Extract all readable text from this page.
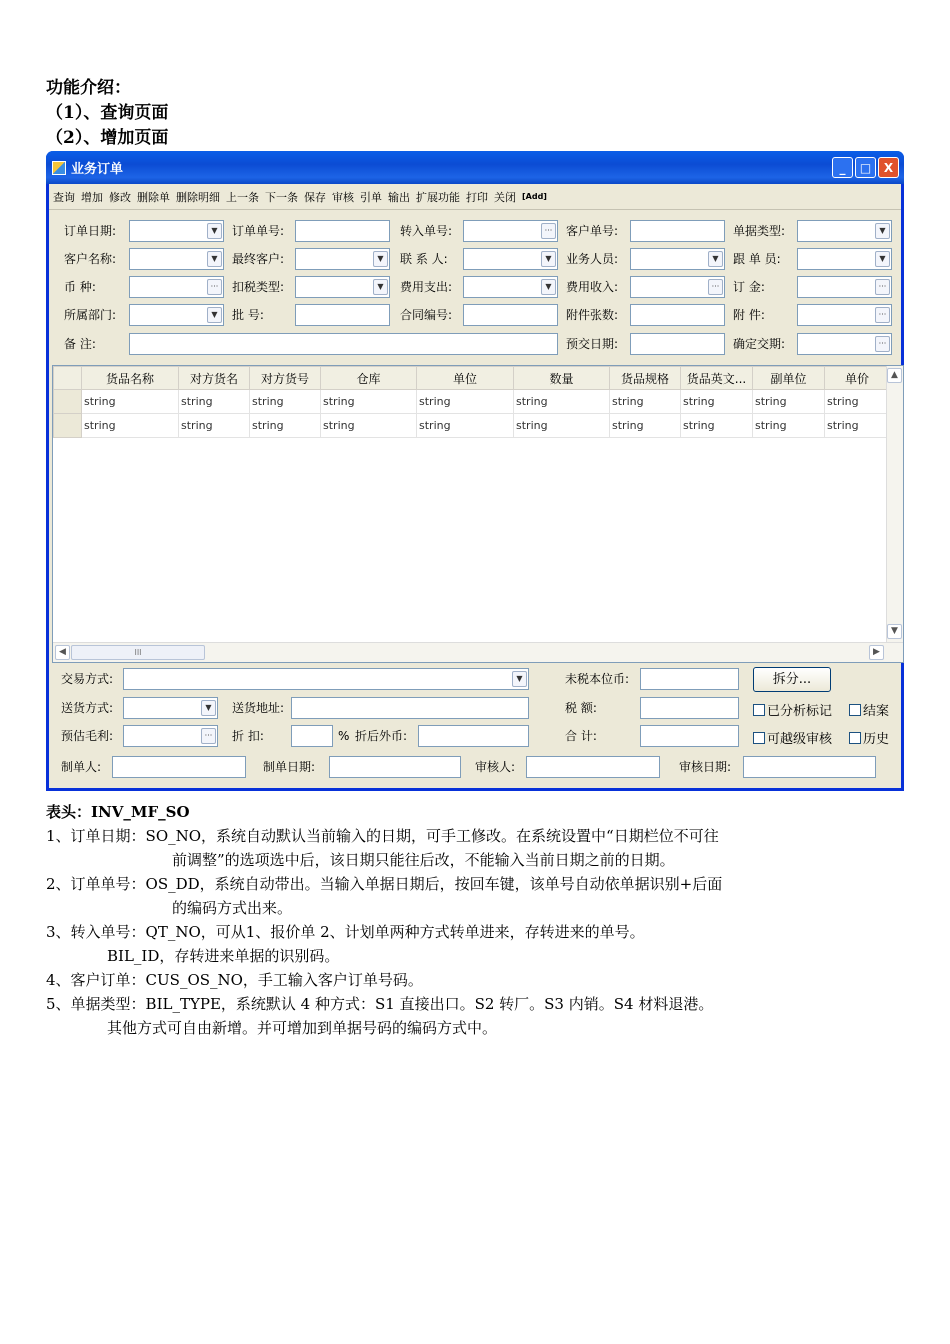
功能介绍：
（1）、查询页面
（2）、增加页面
业务订单	_	□	X
查询 增加 修改 删除单 删除明细 上一条 下一条 保存 审核 引单 输出 扩展功能 打印 关闭 [Add]
订单日期:	▼	订单单号:	转入单号:	···	客户单号:	单据类型:	▼
客户名称:	▼	最终客户:	▼	联 系 人:	▼	业务人员:	▼	跟 单 员:	▼
币 种:	···	扣税类型:	▼	费用支出:	▼	费用收入:	···	订 金:	···
所属部门:	▼	批 号:	合同编号:	附件张数:	附 件:	···
备 注:	预交日期:	确定交期:	···
	货品名称	对方货名	对方货号	仓库	单位	数量	货品规格	货品英文...	副单位	单价
	string	string	string	string	string	string	string	string	string	string
	string	string	string	string	string	string	string	string	string	string
▲
▼
◀	III	▶
交易方式:	▼	未税本位币:	拆分...
送货方式:	▼	送货地址:	税 额:	已分析标记	结案
预估毛利:	···	折 扣:	% 折后外币:	合 计:	可越级审核	历史
制单人:	制单日期:	审核人:	审核日期:
表头：INV_MF_SO
1、订单日期：SO_NO，系统自动默认当前输入的日期，可手工修改。在系统设置中“日期栏位不可往
前调整”的选项选中后，该日期只能往后改，不能输入当前日期之前的日期。
2、订单单号：OS_DD，系统自动带出。当输入单据日期后，按回车键，该单号自动依单据识别+后面
的编码方式出来。
3、转入单号：QT_NO，可从1、报价单 2、计划单两种方式转单进来，存转进来的单号。
BIL_ID，存转进来单据的识别码。
4、客户订单：CUS_OS_NO，手工输入客户订单号码。
5、单据类型：BIL_TYPE，系统默认 4 种方式：S1 直接出口。S2 转厂。S3 内销。S4 材料退港。
其他方式可自由新增。并可增加到单据号码的编码方式中。
